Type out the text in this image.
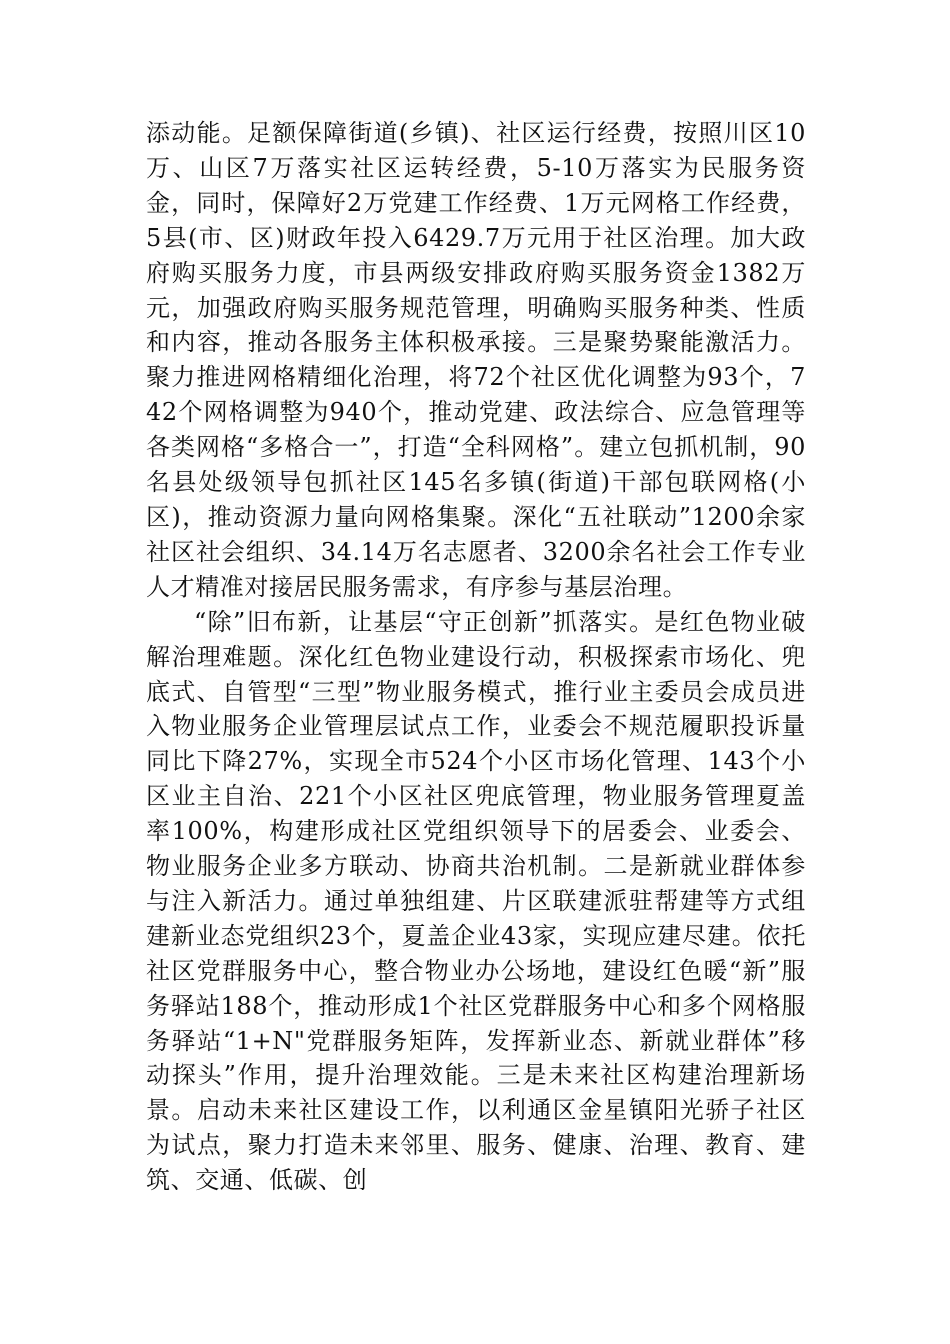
添动能。足额保障街道(乡镇)、社区运行经费，按照川区10万、山区7万落实社区运转经费，5-10万落实为民服务资金，同时，保障好2万党建工作经费、1万元网格工作经费，5县(市、区)财政年投入6429.7万元用于社区治理。加大政府购买服务力度，市县两级安排政府购买服务资金1382万元，加强政府购买服务规范管理，明确购买服务种类、性质和内容，推动各服务主体积极承接。三是聚势聚能激活力。聚力推进网格精细化治理，将72个社区优化调整为93个，742个网格调整为940个，推动党建、政法综合、应急管理等各类网格“多格合一”，打造“全科网格”。建立包抓机制，90名县处级领导包抓社区145名多镇(街道)干部包联网格(小区)，推动资源力量向网格集聚。深化“五社联动”1200余家社区社会组织、34.14万名志愿者、3200余名社会工作专业人才精准对接居民服务需求，有序参与基层治理。

“除”旧布新，让基层“守正创新”抓落实。是红色物业破解治理难题。深化红色物业建设行动，积极探索市场化、兜底式、自管型“三型”物业服务模式，推行业主委员会成员进入物业服务企业管理层试点工作，业委会不规范履职投诉量同比下降27%，实现全市524个小区市场化管理、143个小区业主自治、221个小区社区兜底管理，物业服务管理夏盖率100%，构建形成社区党组织领导下的居委会、业委会、物业服务企业多方联动、协商共治机制。二是新就业群体参与注入新活力。通过单独组建、片区联建派驻帮建等方式组建新业态党组织23个，夏盖企业43家，实现应建尽建。依托社区党群服务中心，整合物业办公场地，建设红色暖“新”服务驿站188个，推动形成1个社区党群服务中心和多个网格服务驿站“1+N"党群服务矩阵，发挥新业态、新就业群体”移动探头”作用，提升治理效能。三是未来社区构建治理新场景。启动未来社区建设工作，以利通区金星镇阳光骄子社区为试点，聚力打造未来邻里、服务、健康、治理、教育、建筑、交通、低碳、创
